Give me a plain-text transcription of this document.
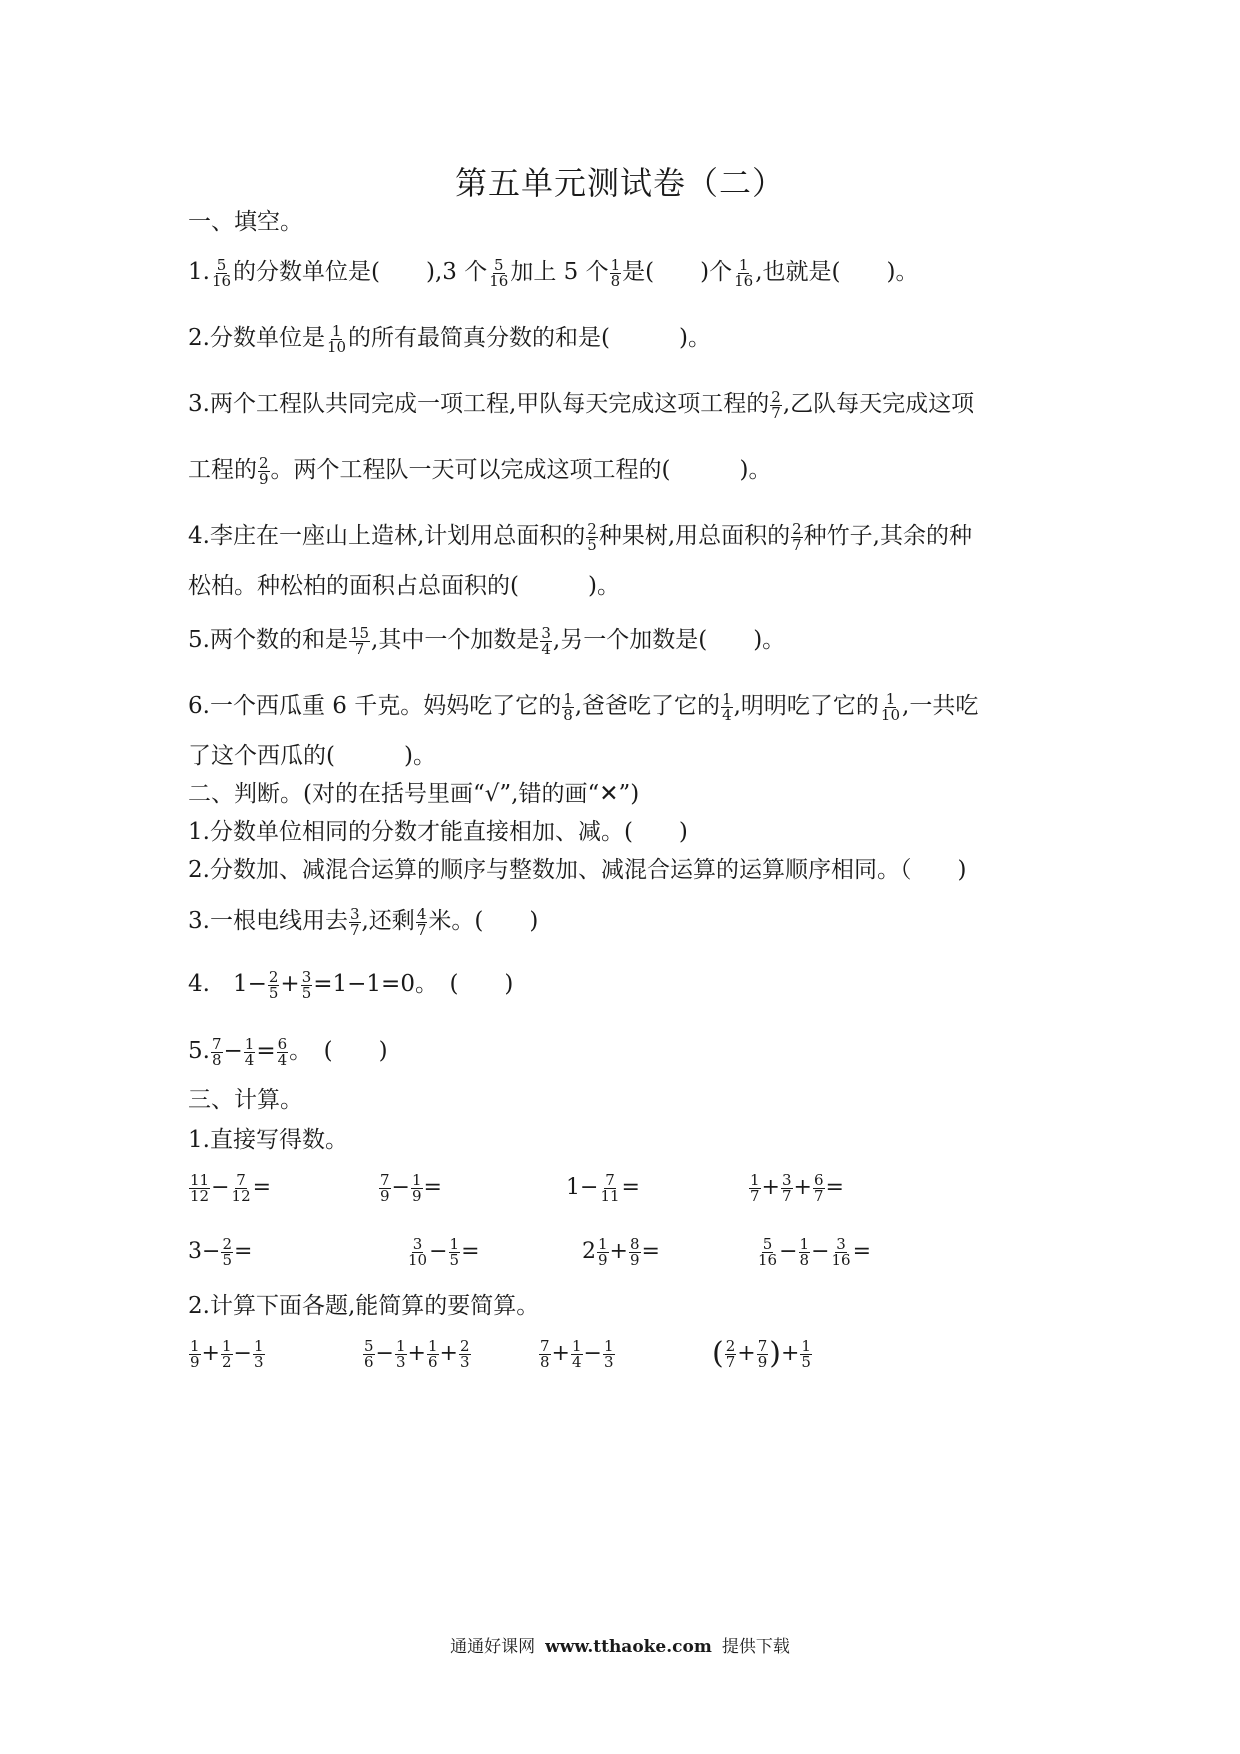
第五单元测试卷（二）
一、填空。
1. $\frac{5}{16}$ 的分数单位是(　　),3 个 $\frac{5}{16}$ 加上 5 个 $\frac{1}{8}$ 是(　　)个 $\frac{1}{16}$ ,也就是(　　)。
2.分数单位是 $\frac{1}{10}$ 的所有最简真分数的和是(　　　)。
3.两个工程队共同完成一项工程,甲队每天完成这项工程的 $\frac{2}{7}$ ,乙队每天完成这项
工程的 $\frac{2}{9}$ 。两个工程队一天可以完成这项工程的(　　　)。
4.李庄在一座山上造林,计划用总面积的 $\frac{2}{5}$ 种果树,用总面积的 $\frac{2}{7}$ 种竹子,其余的种
松柏。种松柏的面积占总面积的(　　　)。
5.两个数的和是 $\frac{15}{7}$ ,其中一个加数是 $\frac{3}{4}$ ,另一个加数是(　　)。
6.一个西瓜重 6 千克。妈妈吃了它的 $\frac{1}{8}$ ,爸爸吃了它的 $\frac{1}{4}$ ,明明吃了它的 $\frac{1}{10}$ ,一共吃
了这个西瓜的(　　　)。
二、判断。(对的在括号里画“√”,错的画“✕”)
1.分数单位相同的分数才能直接相加、减。(　　)
2.分数加、减混合运算的顺序与整数加、减混合运算的运算顺序相同。（　　)
3.一根电线用去 $\frac{3}{7}$ ,还剩 $\frac{4}{7}$ 米。(　　)
4.　$1- \frac{2}{5} + \frac{3}{5} =1-1=0$。　(　　)
5. $\frac{7}{8} - \frac{1}{4} = \frac{6}{4}$ 。　(　　)
三、计算。
1.直接写得数。
$\frac{11}{12} - \frac{7}{12}$ =	$\frac{7}{9} - \frac{1}{9}$ =	$1- \frac{7}{11}$ =	$\frac{1}{7} + \frac{3}{7} + \frac{6}{7}$ =
$3- \frac{2}{5}$ =	$\frac{3}{10} - \frac{1}{5}$ =	$2 \frac{1}{9} + \frac{8}{9}$ =	$\frac{5}{16} - \frac{1}{8} - \frac{3}{16}$ =
2.计算下面各题,能简算的要简算。
$\frac{1}{9} + \frac{1}{2} - \frac{1}{3}$	$\frac{5}{6} - \frac{1}{3} + \frac{1}{6} + \frac{2}{3}$	$\frac{7}{8} + \frac{1}{4} - \frac{1}{3}$	( $\frac{2}{7} + \frac{7}{9}$ )+ $\frac{1}{5}$
通通好课网 www.tthaoke.com 提供下载
